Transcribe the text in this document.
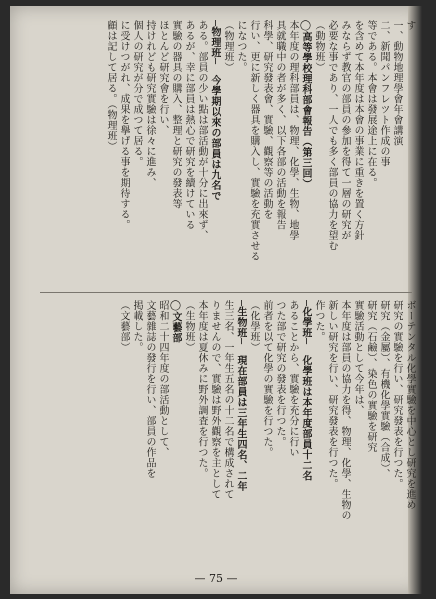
す一、動物地理學會年會講演二、新聞パンフレツト作成の事等である。本會は發展途上に在る。を含めて本年度は本會の事業に重きを置く方針みならず教官の部員の參加を得て一層の研究が必要な事であり、一人でも多く部員の協力を望む（動物班）◯高等學校理科部會報告（第三回）本年度の理科部員は、物理、化學、生物、地學具就職中の者が多く、以下各部の活動を報告科學、研究發表會、實驗、觀察等の活動を行い、更に新しく器具を購入し、實驗を充實させるになつた。（物理班）─物理班─　今學期以來の部員は九名である。部員の少い點は部活動が十分に出來ず、あるが、幸に部員は熱心で研究を續けている實驗の器具の購入、整理と研究の發表等ほとんど研究會を行い、持けれども研究實驗は徐々に進み、個人の研究が分で成つて居る。に受けつがれ、成果を擧げる事を期待する。顧は記して居る。（物理班）
ボーテンタル化學實驗を中心とし研究を進め研究の實驗を行い、研究發表を行つた。研究（金屬）、有機化學實驗（合成）、研究（石鹼）、染色の實驗を研究實驗活動として今年は、本年度は部員の協力を得、物理、化學、生物の新しい研究を行い、研究發表を行つた。作つた。─化學班─　化學班は本年度部員十二名あることから、實驗を充分に行いつた部で研究の發表を行つた。前者を以て化學の實驗を行つた。（化學班）─生物班─　現在部員は三年生四名、二年生三名、一年生五名の十二名で構成されてりませんので、實驗は野外觀察を主として本年度は夏休みに野外調査を行つた。（生物班）◯文藝部昭和二十四年度の部活動として、文藝雜誌の發行を行い、部員の作品を掲載した。（文藝部）
— 75 —
